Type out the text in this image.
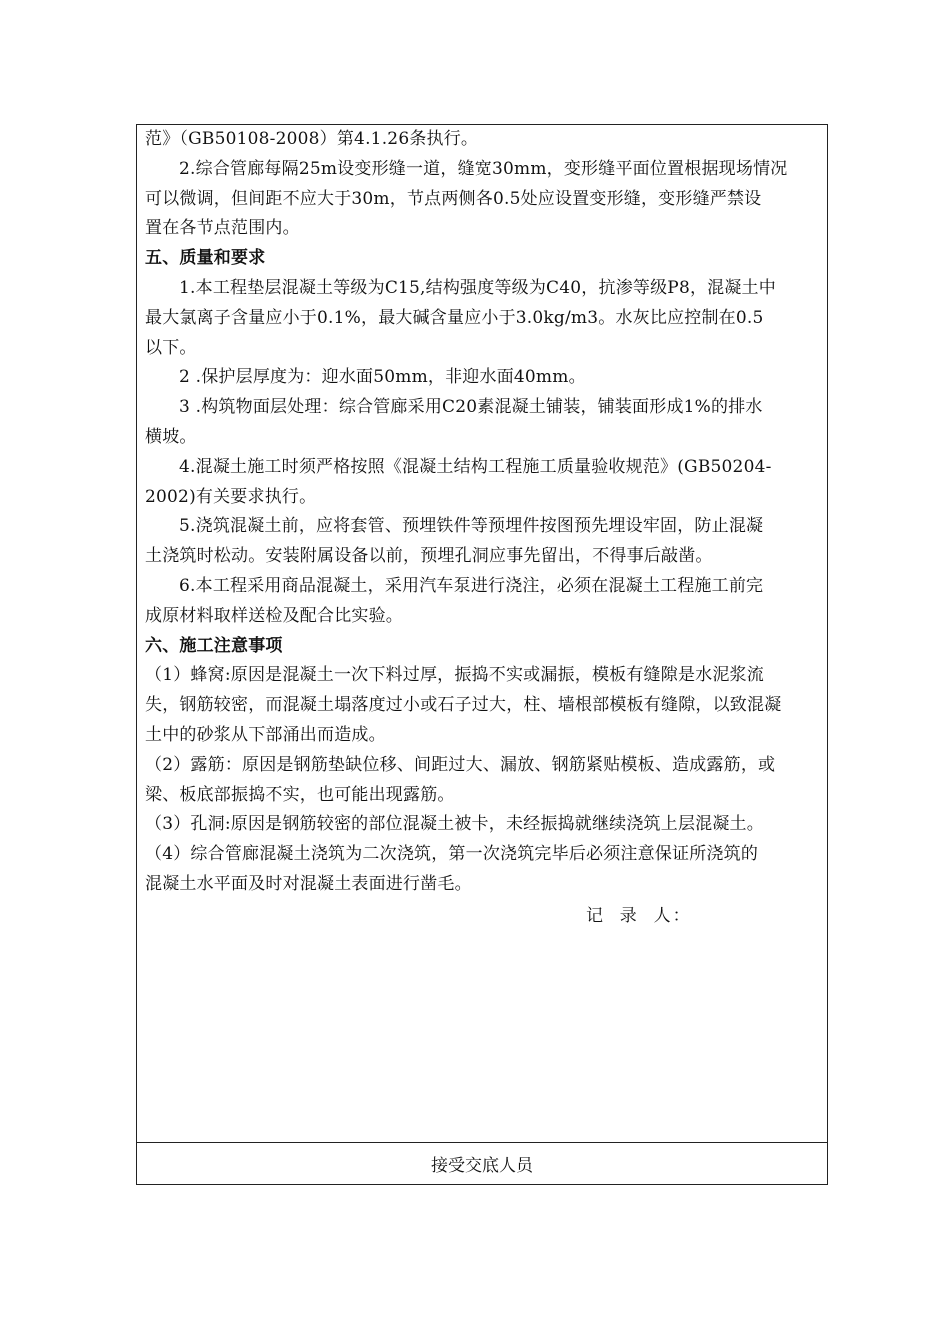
范》（GB50108-2008）第4.1.26条执行。

2.综合管廊每隔25m设变形缝一道，缝宽30mm，变形缝平面位置根据现场情况

可以微调，但间距不应大于30m，节点两侧各0.5处应设置变形缝，变形缝严禁设

置在各节点范围内。

五、质量和要求

1.本工程垫层混凝土等级为C15,结构强度等级为C40，抗渗等级P8，混凝土中

最大氯离子含量应小于0.1%，最大碱含量应小于3.0kg/m3。水灰比应控制在0.5

以下。

2 .保护层厚度为：迎水面50mm，非迎水面40mm。

3 .构筑物面层处理：综合管廊采用C20素混凝土铺装，铺装面形成1%的排水

横坡。

4.混凝土施工时须严格按照《混凝土结构工程施工质量验收规范》(GB50204-

2002)有关要求执行。

5.浇筑混凝土前，应将套管、预埋铁件等预埋件按图预先埋设牢固，防止混凝

土浇筑时松动。安装附属设备以前，预埋孔洞应事先留出，不得事后敲凿。

6.本工程采用商品混凝土，采用汽车泵进行浇注，必须在混凝土工程施工前完

成原材料取样送检及配合比实验。

六、施工注意事项

（1）蜂窝:原因是混凝土一次下料过厚，振捣不实或漏振，模板有缝隙是水泥浆流

失，钢筋较密，而混凝土塌落度过小或石子过大，柱、墙根部模板有缝隙，以致混凝

土中的砂浆从下部涌出而造成。

（2）露筋：原因是钢筋垫缺位移、间距过大、漏放、钢筋紧贴模板、造成露筋，或

梁、板底部振捣不实，也可能出现露筋。

（3）孔洞:原因是钢筋较密的部位混凝土被卡，未经振捣就继续浇筑上层混凝土。

（4）综合管廊混凝土浇筑为二次浇筑，第一次浇筑完毕后必须注意保证所浇筑的

混凝土水平面及时对混凝土表面进行凿毛。

记  录  人：
接受交底人员
